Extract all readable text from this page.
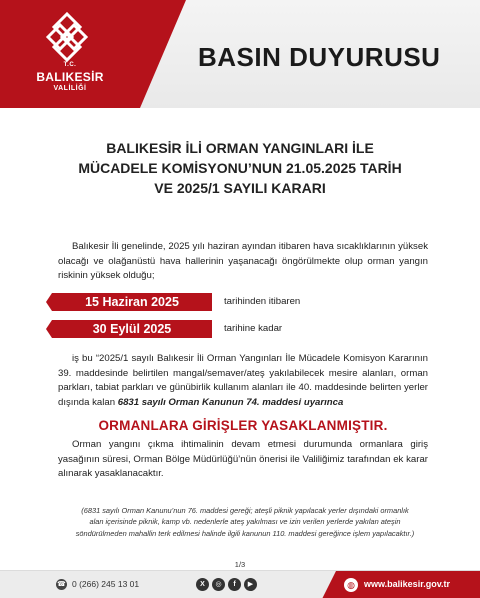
T.C.
BALIKESİR
VALİLİĞİ
BASIN DUYURUSU
BALIKESİR İLİ ORMAN YANGINLARI İLE
MÜCADELE KOMİSYONU’NUN 21.05.2025 TARİH
VE 2025/1 SAYILI KARARI

Balıkesir İli genelinde, 2025 yılı haziran ayından itibaren hava sıcaklıklarının yüksek olacağı ve olağanüstü hava hallerinin yaşanacağı öngörülmekte olup orman yangın riskinin yüksek olduğu;

15 Haziran 2025	tarihinden itibaren
30 Eylül 2025	tarihine kadar

iş bu “2025/1 sayılı Balıkesir İli Orman Yangınları İle Mücadele Komisyon Kararının 39. maddesinde belirtilen mangal/semaver/ateş yakılabilecek mesire alanları, orman parkları, tabiat parkları ve günübirlik kullanım alanları ile 40. maddesinde belirten yerler dışında kalan 6831 sayılı Orman Kanunun 74. maddesi uyarınca

ORMANLARA GİRİŞLER YASAKLANMIŞTIR.

Orman yangını çıkma ihtimalinin devam etmesi durumunda ormanlara giriş yasağının süresi, Orman Bölge Müdürlüğü’nün önerisi ile Valiliğimiz tarafından ek karar alınarak yasaklanacaktır.

(6831 sayılı Orman Kanunu’nun 76. maddesi gereği; ateşli piknik yapılacak yerler dışındaki ormanlık alan içerisinde piknik, kamp vb. nedenlerle ateş yakılması ve izin verilen yerlerde yakılan ateşin söndürülmeden mahallin terk edilmesi halinde ilgili kanunun 110. maddesi gereğince işlem yapılacaktır.)
1/3
☎ 0 (266) 245 13 01	X	◎	f	▶	◍	www.balikesir.gov.tr
